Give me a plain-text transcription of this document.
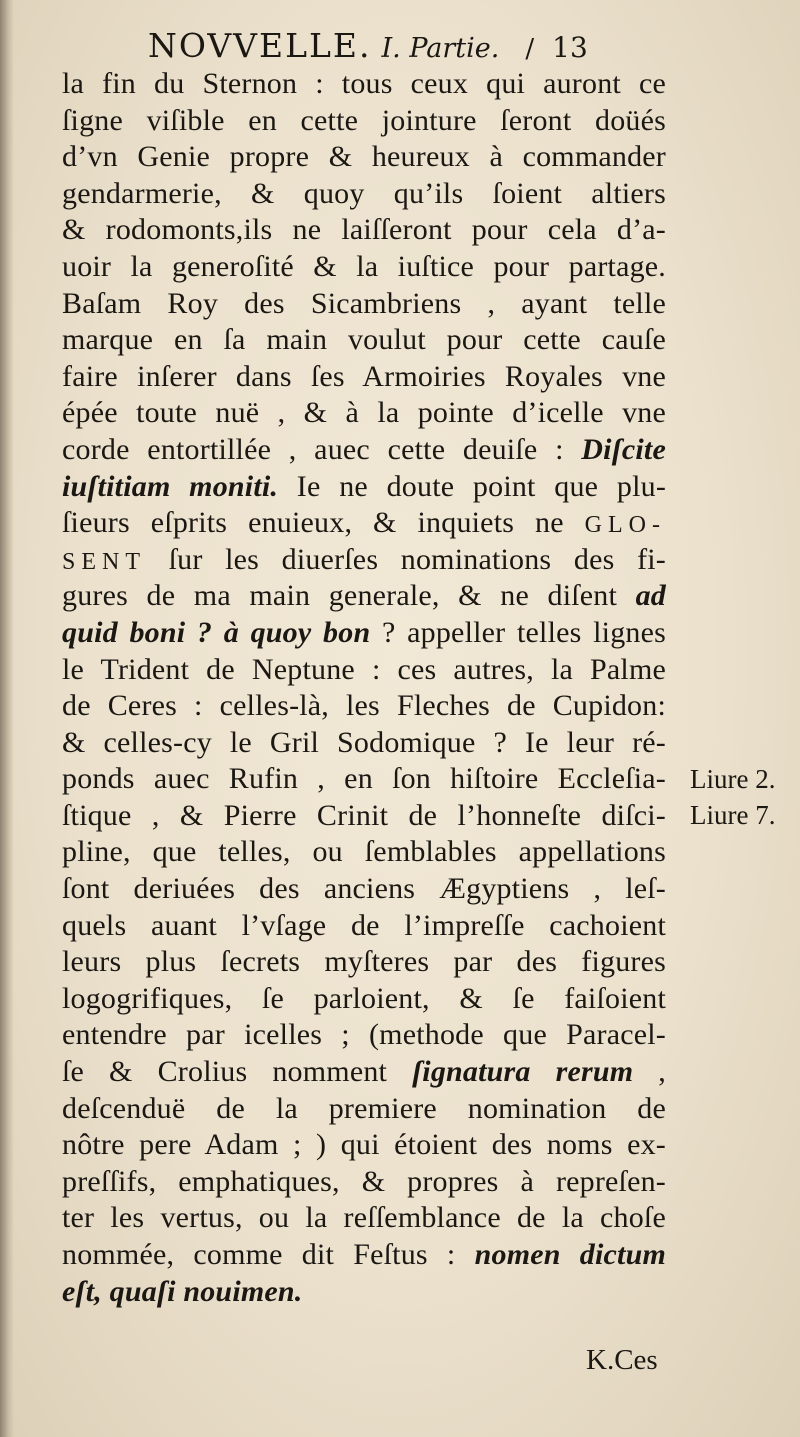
NOVVELLE. I. Partie. / 13
la fin du Sternon : tous ceux qui auront ce
ſigne viſible en cette jointure ſeront doüés
d’vn Genie propre & heureux à commander
gendarmerie, & quoy qu’ils ſoient altiers
& rodomonts,ils ne laiſſeront pour cela d’a-
uoir la generoſité & la iuſtice pour partage.
Baſam Roy des Sicambriens , ayant telle
marque en ſa main voulut pour cette cauſe
faire inſerer dans ſes Armoiries Royales vne
épée toute nuë , & à la pointe d’icelle vne
corde entortillée , auec cette deuiſe : Diſcite
iuſtitiam moniti. Ie ne doute point que plu-
ſieurs eſprits enuieux, & inquiets ne GLO-
SENT ſur les diuerſes nominations des fi-
gures de ma main generale, & ne diſent ad
quid boni ? à quoy bon ? appeller telles lignes
le Trident de Neptune : ces autres, la Palme
de Ceres : celles-là, les Fleches de Cupidon:
& celles-cy le Gril Sodomique ? Ie leur ré-
ponds auec Rufin , en ſon hiſtoire Eccleſia-
ſtique , & Pierre Crinit de l’honneſte diſci-
pline, que telles, ou ſemblables appellations
ſont deriuées des anciens Ægyptiens , leſ-
quels auant l’vſage de l’impreſſe cachoient
leurs plus ſecrets myſteres par des figures
logogrifiques, ſe parloient, & ſe faiſoient
entendre par icelles ; (methode que Paracel-
ſe & Crolius nomment ſignatura rerum ,
deſcenduë de la premiere nomination de
nôtre pere Adam ; ) qui étoient des noms ex-
preſſifs, emphatiques, & propres à repreſen-
ter les vertus, ou la reſſemblance de la choſe
nommée, comme dit Feſtus : nomen dictum
eſt, quaſi nouimen.
Liure 2.
Liure 7.
K.Ces
